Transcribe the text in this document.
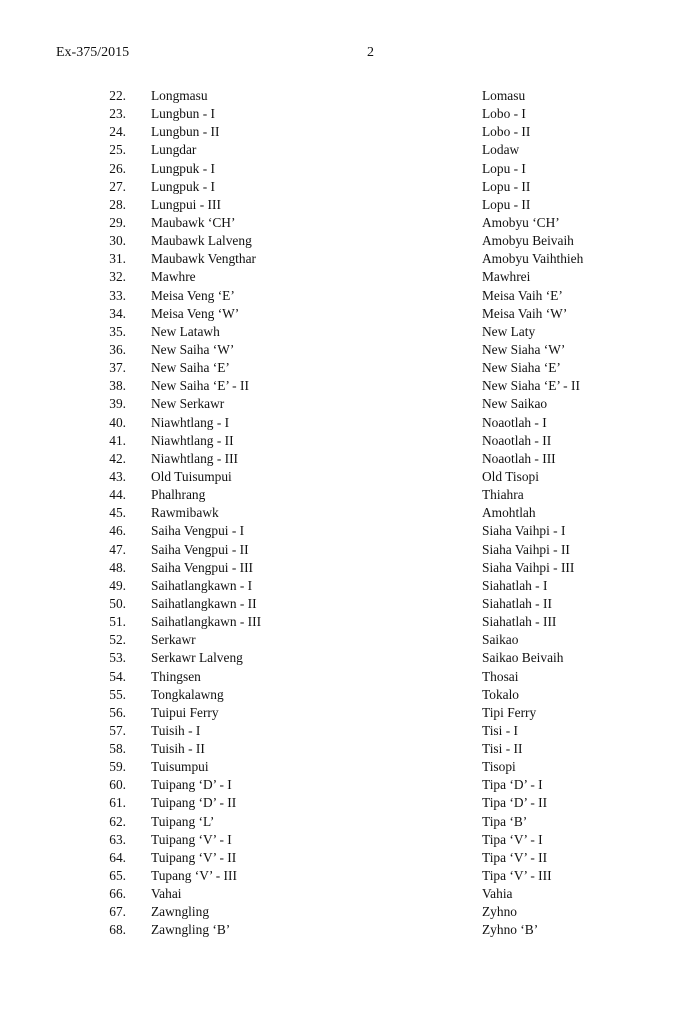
Ex-375/2015	2
22. Longmasu	Lomasu
23. Lungbun - I	Lobo - I
24. Lungbun - II	Lobo - II
25. Lungdar	Lodaw
26. Lungpuk - I	Lopu - I
27. Lungpuk - I	Lopu - II
28. Lungpui - III	Lopu - II
29. Maubawk ‘CH’	Amobyu ‘CH’
30. Maubawk Lalveng	Amobyu Beivaih
31. Maubawk Vengthar	Amobyu Vaihthieh
32. Mawhre	Mawhrei
33. Meisa Veng ‘E’	Meisa Vaih ‘E’
34. Meisa Veng ‘W’	Meisa Vaih ‘W’
35. New Latawh	New Laty
36. New Saiha ‘W’	New Siaha ‘W’
37. New Saiha ‘E’	New Siaha ‘E’
38. New Saiha ‘E’ - II	New Siaha ‘E’ - II
39. New Serkawr	New Saikao
40. Niawhtlang - I	Noaotlah - I
41. Niawhtlang - II	Noaotlah - II
42. Niawhtlang - III	Noaotlah - III
43. Old Tuisumpui	Old Tisopi
44. Phalhrang	Thiahra
45. Rawmibawk	Amohtlah
46. Saiha Vengpui - I	Siaha Vaihpi - I
47. Saiha Vengpui - II	Siaha Vaihpi - II
48. Saiha Vengpui - III	Siaha Vaihpi - III
49. Saihatlangkawn - I	Siahatlah - I
50. Saihatlangkawn - II	Siahatlah - II
51. Saihatlangkawn - III	Siahatlah - III
52. Serkawr	Saikao
53. Serkawr Lalveng	Saikao Beivaih
54. Thingsen	Thosai
55. Tongkalawng	Tokalo
56. Tuipui Ferry	Tipi Ferry
57. Tuisih - I	Tisi - I
58. Tuisih - II	Tisi - II
59. Tuisumpui	Tisopi
60. Tuipang ‘D’ - I	Tipa ‘D’ - I
61. Tuipang ‘D’ - II	Tipa ‘D’ - II
62. Tuipang ‘L’	Tipa ‘B’
63. Tuipang ‘V’ - I	Tipa ‘V’ - I
64. Tuipang ‘V’ - II	Tipa ‘V’ - II
65. Tupang ‘V’ - III	Tipa ‘V’ - III
66. Vahai	Vahia
67. Zawngling	Zyhno
68. Zawngling ‘B’	Zyhno ‘B’
